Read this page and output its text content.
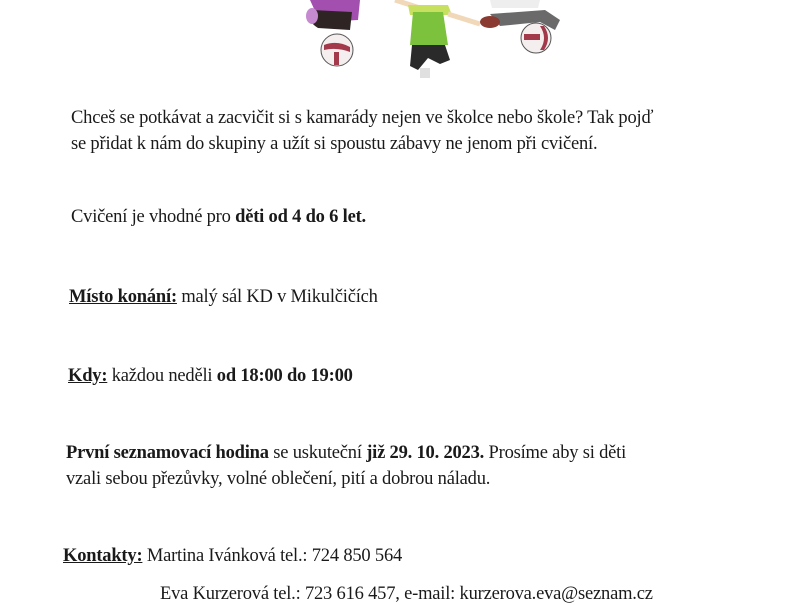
Chceš se potkávat a zacvičit si s kamarády nejen ve školce nebo škole? Tak pojď
se přidat k nám do skupiny a užít si spoustu zábavy ne jenom při cvičení.
Cvičení je vhodné pro děti od 4 do 6 let.
Místo konání: malý sál KD v Mikulčičích
Kdy: každou neděli od 18:00 do 19:00
První seznamovací hodina se uskuteční již 29. 10. 2023. Prosíme aby si děti
vzali sebou přezůvky, volné oblečení, pití a dobrou náladu.
Kontakty: Martina Ivánková tel.: 724 850 564
Eva Kurzerová tel.: 723 616 457, e-mail: kurzerova.eva@seznam.cz
